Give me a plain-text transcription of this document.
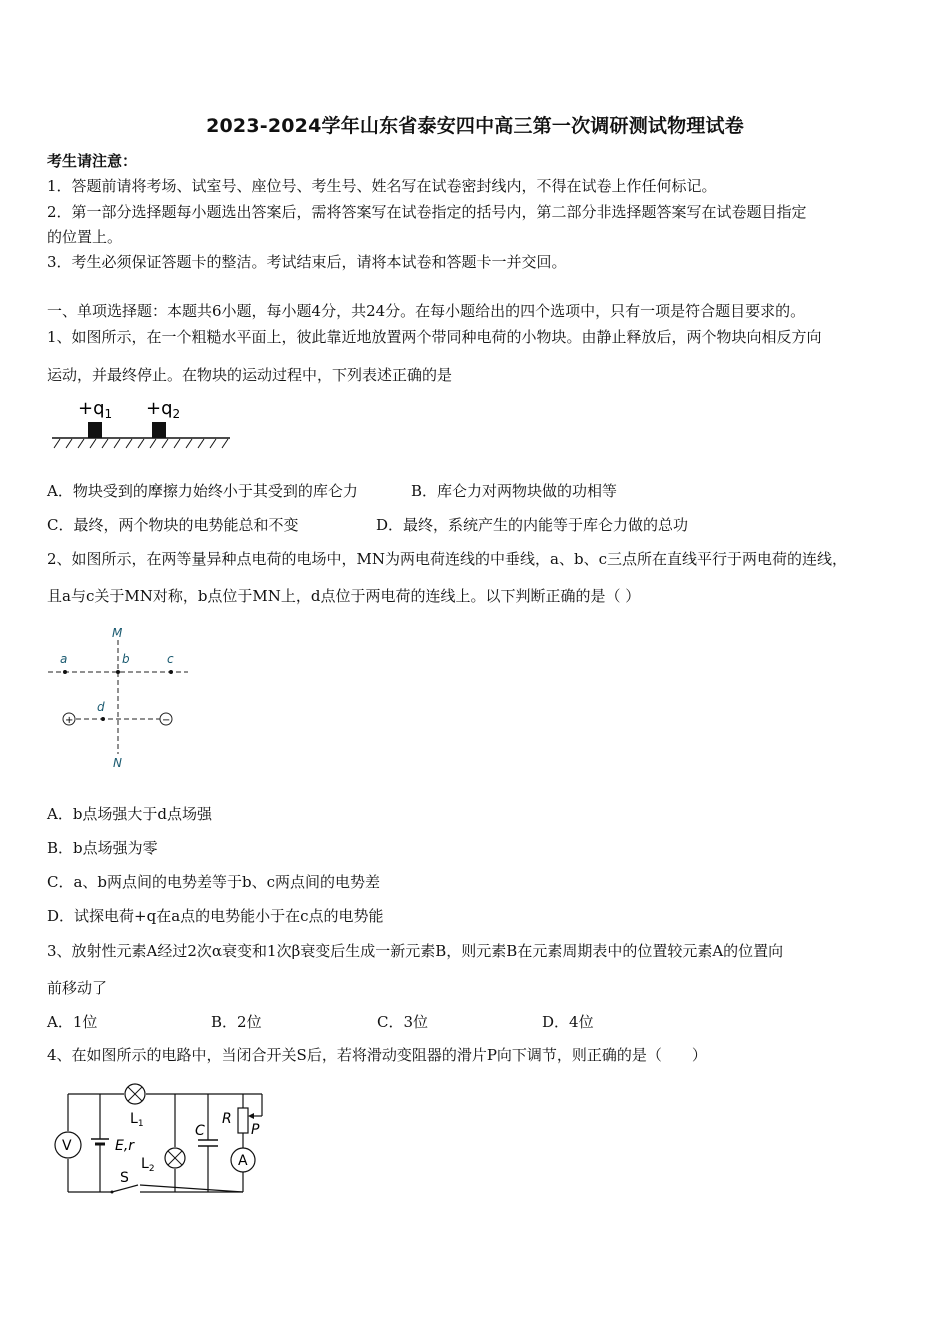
2023-2024学年山东省泰安四中高三第一次调研测试物理试卷
考生请注意：
1．答题前请将考场、试室号、座位号、考生号、姓名写在试卷密封线内，不得在试卷上作任何标记。
2．第一部分选择题每小题选出答案后，需将答案写在试卷指定的括号内，第二部分非选择题答案写在试卷题目指定
的位置上。
3．考生必须保证答题卡的整洁。考试结束后，请将本试卷和答题卡一并交回。
一、单项选择题：本题共6小题，每小题4分，共24分。在每小题给出的四个选项中，只有一项是符合题目要求的。
1、如图所示，在一个粗糙水平面上，彼此靠近地放置两个带同种电荷的小物块。由静止释放后，两个物块向相反方向
运动，并最终停止。在物块的运动过程中，下列表述正确的是
$+q_1 +q_2$
A．物块受到的摩擦力始终小于其受到的库仑力	B．库仑力对两物块做的功相等
C．最终，两个物块的电势能总和不变	D．最终，系统产生的内能等于库仑力做的总功
2、如图所示，在两等量异种点电荷的电场中，MN为两电荷连线的中垂线，a、b、c三点所在直线平行于两电荷的连线，
且a与c关于MN对称，b点位于MN上，d点位于两电荷的连线上。以下判断正确的是（ ）
M
N
a	b	c
d
+	−
A．b点场强大于d点场强
B．b点场强为零
C．a、b两点间的电势差等于b、c两点间的电势差
D．试探电荷+q在a点的电势能小于在c点的电势能
3、放射性元素A经过2次α衰变和1次β衰变后生成一新元素B，则元素B在元素周期表中的位置较元素A的位置向
前移动了
A．1位	B．2位	C．3位	D．4位
4、在如图所示的电路中，当闭合开关S后，若将滑动变阻器的滑片P向下调节，则正确的是（　　）
V	E,r
$L_1$
$L_2$
C
R
P
A
S
